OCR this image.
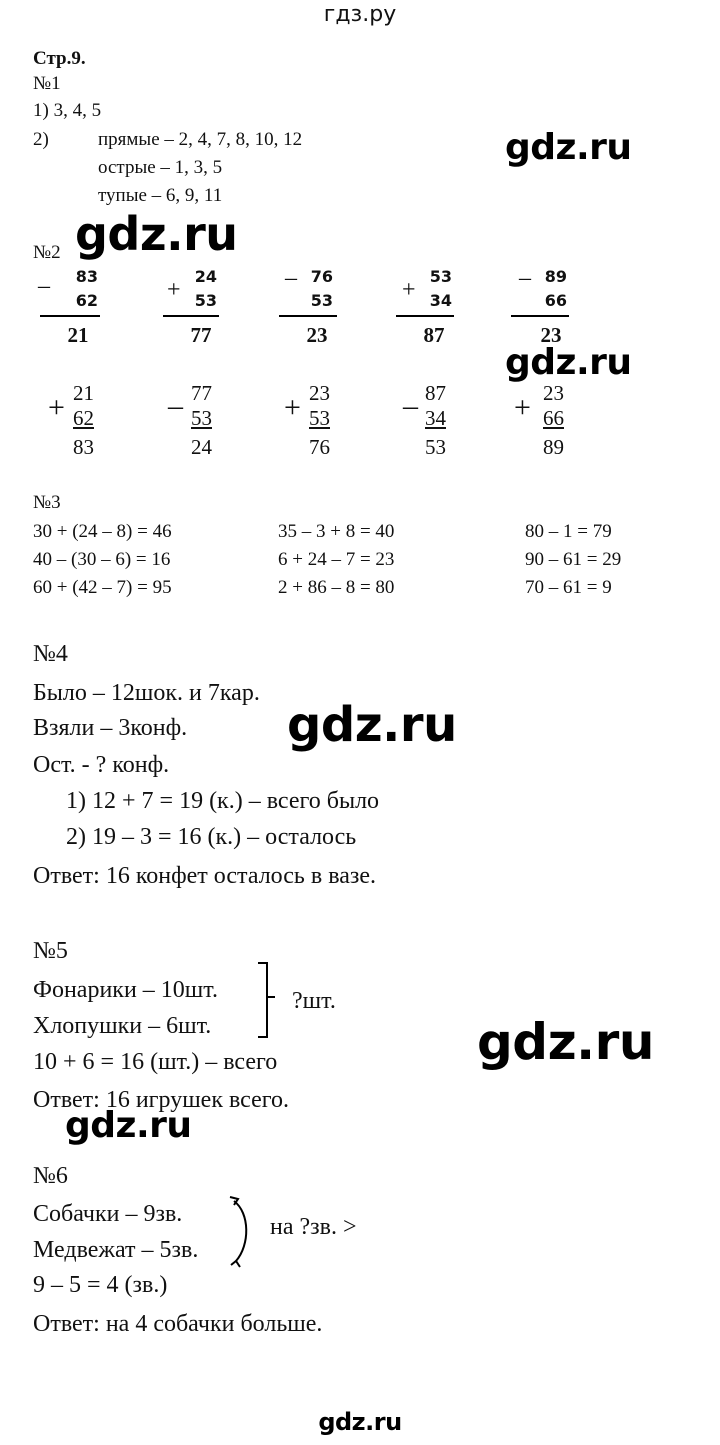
гдз.ру
gdz.ru
gdz.ru
gdz.ru
gdz.ru
gdz.ru
gdz.ru
Стр.9.
№1
1) 3, 4, 5
2)	прямые – 2, 4, 7, 8, 10, 12
острые – 1, 3, 5
тупые – 6, 9, 11
№2
–	83
62
21
+
24
53
77
– 76
53
23
+
53
34
87
– 89
66
23
+ 21
62
83
– 77
53
24
+ 23
53
76
– 87
34
53
+ 23
66
89
№3
30 + (24 – 8) = 46
40 – (30 – 6) = 16
60 + (42 – 7) = 95
35 – 3 + 8 = 40
6 + 24 – 7 = 23
2 + 86 – 8 = 80
80 – 1 = 79
90 – 61 = 29
70 – 61 = 9
№4
Было – 12шок. и 7кар.
Взяли – 3конф.
Ост. - ? конф.
1) 12 + 7 = 19 (к.) – всего было
2) 19 – 3 = 16 (к.) – осталось
Ответ: 16 конфет осталось в вазе.
№5
Фонарики – 10шт.
Хлопушки – 6шт.
?шт.
10 + 6 = 16 (шт.) – всего
Ответ: 16 игрушек всего.
№6
Собачки – 9зв.
Медвежат – 5зв.
на ?зв. >
9 – 5 = 4 (зв.)
Ответ: на 4 собачки больше.
gdz.ru
